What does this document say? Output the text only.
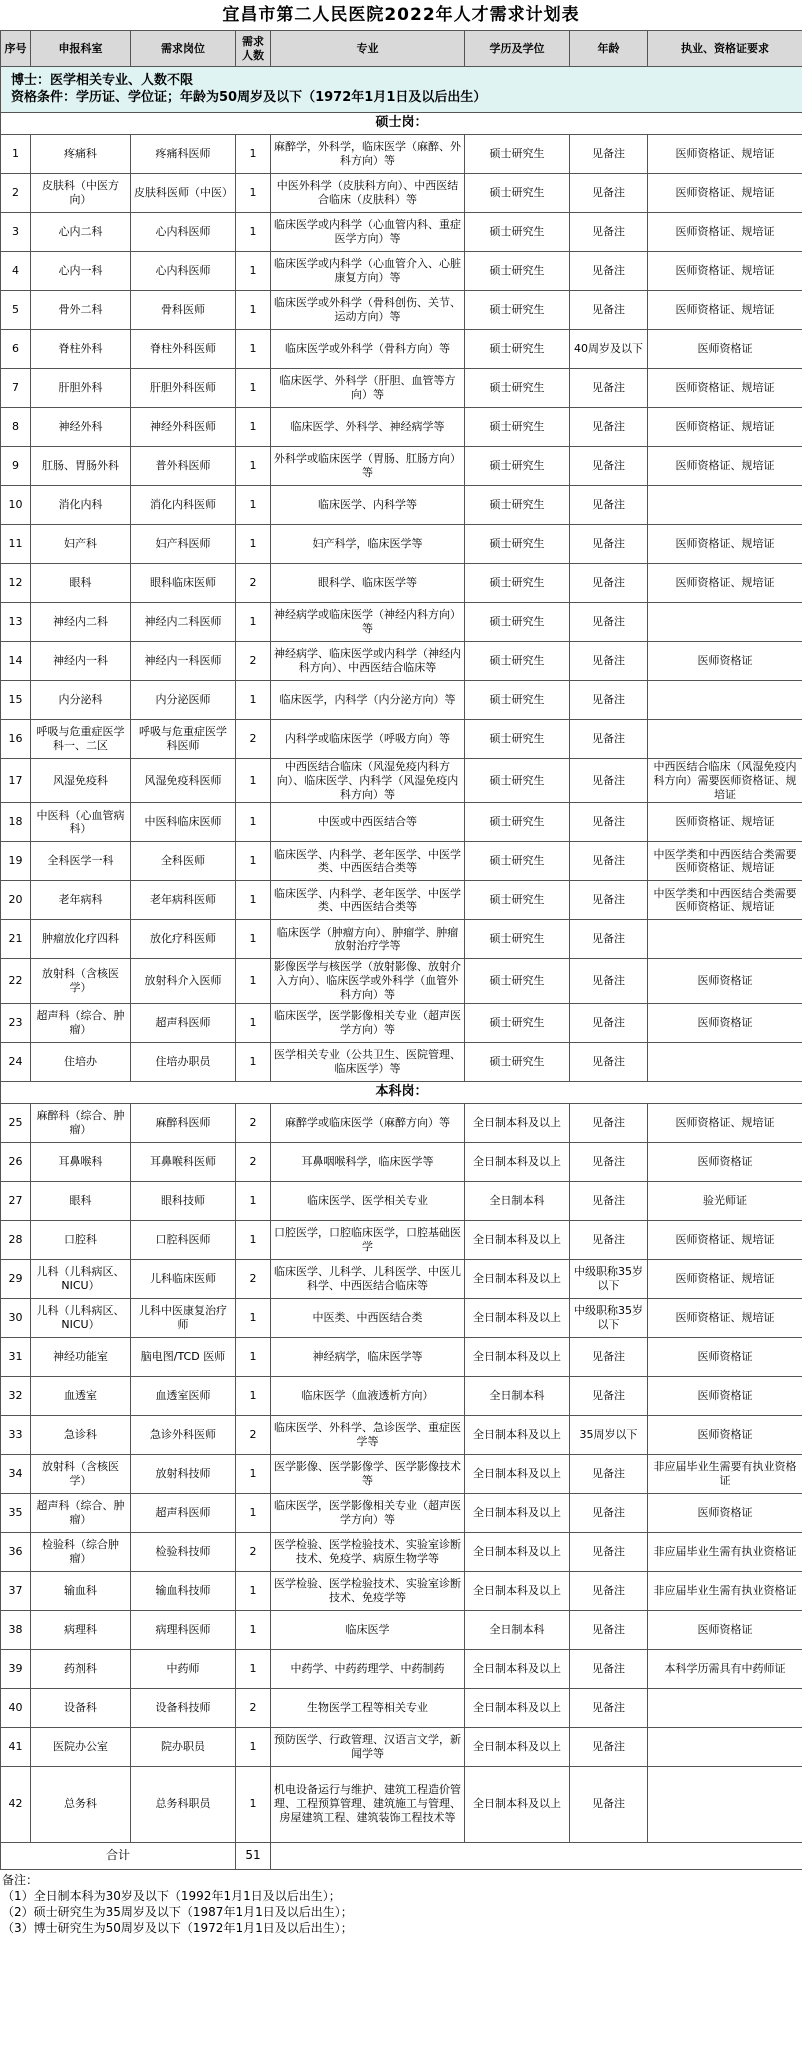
宜昌市第二人民医院2022年人才需求计划表
序号	申报科室	需求岗位	需求人数	专业	学历及学位	年龄	执业、资格证要求

博士：医学相关专业、人数不限
资格条件：学历证、学位证；年龄为50周岁及以下（1972年1月1日及以后出生）							

硕士岗：							
1	疼痛科	疼痛科医师	1	麻醉学，外科学，临床医学（麻醉、外科方向）等	硕士研究生	见备注	医师资格证、规培证
2	皮肤科（中医方向）	皮肤科医师（中医）	1	中医外科学（皮肤科方向）、中西医结合临床（皮肤科）等	硕士研究生	见备注	医师资格证、规培证
3	心内二科	心内科医师	1	临床医学或内科学（心血管内科、重症医学方向）等	硕士研究生	见备注	医师资格证、规培证
4	心内一科	心内科医师	1	临床医学或内科学（心血管介入、心脏康复方向）等	硕士研究生	见备注	医师资格证、规培证
5	骨外二科	骨科医师	1	临床医学或外科学（骨科创伤、关节、运动方向）等	硕士研究生	见备注	医师资格证、规培证
6	脊柱外科	脊柱外科医师	1	临床医学或外科学（骨科方向）等	硕士研究生	40周岁及以下	医师资格证
7	肝胆外科	肝胆外科医师	1	临床医学、外科学（肝胆、血管等方向）等	硕士研究生	见备注	医师资格证、规培证
8	神经外科	神经外科医师	1	临床医学、外科学、神经病学等	硕士研究生	见备注	医师资格证、规培证
9	肛肠、胃肠外科	普外科医师	1	外科学或临床医学（胃肠、肛肠方向）等	硕士研究生	见备注	医师资格证、规培证
10	消化内科	消化内科医师	1	临床医学、内科学等	硕士研究生	见备注	
11	妇产科	妇产科医师	1	妇产科学，临床医学等	硕士研究生	见备注	医师资格证、规培证
12	眼科	眼科临床医师	2	眼科学、临床医学等	硕士研究生	见备注	医师资格证、规培证
13	神经内二科	神经内二科医师	1	神经病学或临床医学（神经内科方向）等	硕士研究生	见备注	
14	神经内一科	神经内一科医师	2	神经病学、临床医学或内科学（神经内科方向）、中西医结合临床等	硕士研究生	见备注	医师资格证
15	内分泌科	内分泌医师	1	临床医学，内科学（内分泌方向）等	硕士研究生	见备注	
16	呼吸与危重症医学科一、二区	呼吸与危重症医学科医师	2	内科学或临床医学（呼吸方向）等	硕士研究生	见备注	
17	风湿免疫科	风湿免疫科医师	1	中西医结合临床（风湿免疫内科方向）、临床医学、内科学（风湿免疫内科方向）等	硕士研究生	见备注	中西医结合临床（风湿免疫内科方向）需要医师资格证、规培证
18	中医科（心血管病科）	中医科临床医师	1	中医或中西医结合等	硕士研究生	见备注	医师资格证、规培证
19	全科医学一科	全科医师	1	临床医学、内科学、老年医学、中医学类、中西医结合类等	硕士研究生	见备注	中医学类和中西医结合类需要医师资格证、规培证
20	老年病科	老年病科医师	1	临床医学、内科学、老年医学、中医学类、中西医结合类等	硕士研究生	见备注	中医学类和中西医结合类需要医师资格证、规培证
21	肿瘤放化疗四科	放化疗科医师	1	临床医学（肿瘤方向）、肿瘤学、肿瘤放射治疗学等	硕士研究生	见备注	
22	放射科（含核医学）	放射科介入医师	1	影像医学与核医学（放射影像、放射介入方向）、临床医学或外科学（血管外科方向）等	硕士研究生	见备注	医师资格证
23	超声科（综合、肿瘤）	超声科医师	1	临床医学，医学影像相关专业（超声医学方向）等	硕士研究生	见备注	医师资格证
24	住培办	住培办职员	1	医学相关专业（公共卫生、医院管理、临床医学）等	硕士研究生	见备注	
本科岗：							
25	麻醉科（综合、肿瘤）	麻醉科医师	2	麻醉学或临床医学（麻醉方向）等	全日制本科及以上	见备注	医师资格证、规培证
26	耳鼻喉科	耳鼻喉科医师	2	耳鼻咽喉科学，临床医学等	全日制本科及以上	见备注	医师资格证
27	眼科	眼科技师	1	临床医学、医学相关专业	全日制本科	见备注	验光师证
28	口腔科	口腔科医师	1	口腔医学，口腔临床医学，口腔基础医学	全日制本科及以上	见备注	医师资格证、规培证
29	儿科（儿科病区、NICU）	儿科临床医师	2	临床医学、儿科学、儿科医学、中医儿科学、中西医结合临床等	全日制本科及以上	中级职称35岁以下	医师资格证、规培证
30	儿科（儿科病区、NICU）	儿科中医康复治疗师	1	中医类、中西医结合类	全日制本科及以上	中级职称35岁以下	医师资格证、规培证
31	神经功能室	脑电图/TCD 医师	1	神经病学，临床医学等	全日制本科及以上	见备注	医师资格证
32	血透室	血透室医师	1	临床医学（血液透析方向）	全日制本科	见备注	医师资格证
33	急诊科	急诊外科医师	2	临床医学、外科学、急诊医学、重症医学等	全日制本科及以上	35周岁以下	医师资格证
34	放射科（含核医学）	放射科技师	1	医学影像、医学影像学、医学影像技术等	全日制本科及以上	见备注	非应届毕业生需要有执业资格证
35	超声科（综合、肿瘤）	超声科医师	1	临床医学，医学影像相关专业（超声医学方向）等	全日制本科及以上	见备注	医师资格证
36	检验科（综合肿瘤）	检验科技师	2	医学检验、医学检验技术、实验室诊断技术、免疫学、病原生物学等	全日制本科及以上	见备注	非应届毕业生需有执业资格证
37	输血科	输血科技师	1	医学检验、医学检验技术、实验室诊断技术、免疫学等	全日制本科及以上	见备注	非应届毕业生需有执业资格证
38	病理科	病理科医师	1	临床医学	全日制本科	见备注	医师资格证
39	药剂科	中药师	1	中药学、中药药理学、中药制药	全日制本科及以上	见备注	本科学历需具有中药师证
40	设备科	设备科技师	2	生物医学工程等相关专业	全日制本科及以上	见备注	
41	医院办公室	院办职员	1	预防医学、行政管理、汉语言文学，新闻学等	全日制本科及以上	见备注	
42	总务科	总务科职员	1	机电设备运行与维护、建筑工程造价管理、工程预算管理、建筑施工与管理、房屋建筑工程、建筑装饰工程技术等	全日制本科及以上	见备注	
合计			51				
备注：
（1）全日制本科为30岁及以下（1992年1月1日及以后出生）；
（2）硕士研究生为35周岁及以下（1987年1月1日及以后出生）；
（3）博士研究生为50周岁及以下（1972年1月1日及以后出生）；
